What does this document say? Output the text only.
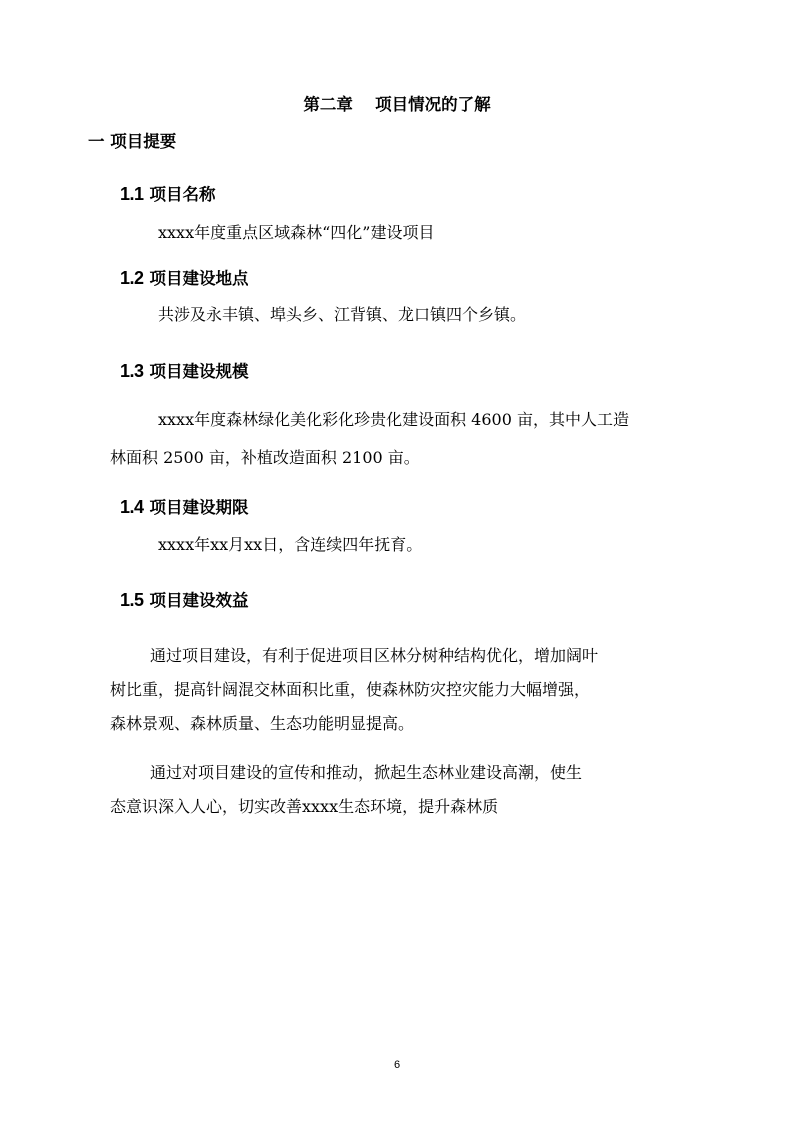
第二章　 项目情况的了解
一 项目提要
1.1 项目名称
xxxx年度重点区域森林“四化”建设项目
1.2 项目建设地点
共涉及永丰镇、埠头乡、江背镇、龙口镇四个乡镇。
1.3 项目建设规模
xxxx年度森林绿化美化彩化珍贵化建设面积 4600 亩，其中人工造
林面积 2500 亩，补植改造面积 2100 亩。
1.4 项目建设期限
xxxx年xx月xx日，含连续四年抚育。
1.5 项目建设效益
通过项目建设，有利于促进项目区林分树种结构优化，增加阔叶
树比重，提高针阔混交林面积比重，使森林防灾控灾能力大幅增强，
森林景观、森林质量、生态功能明显提高。
通过对项目建设的宣传和推动，掀起生态林业建设高潮，使生
态意识深入人心，切实改善xxxx生态环境，提升森林质
6
